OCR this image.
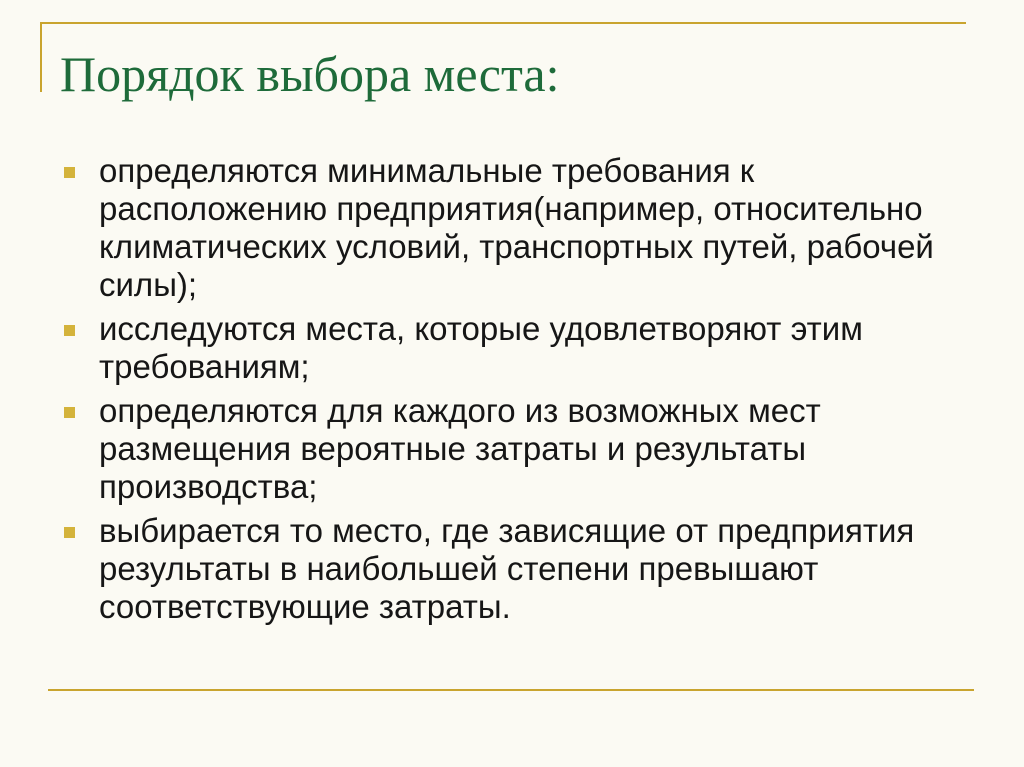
Порядок выбора места:
определяются минимальные требования к расположению предприятия(например, относительно климатических условий, транспортных путей, рабочей силы);
исследуются места, которые удовлетворяют этим требованиям;
определяются для каждого из возможных мест размещения вероятные затраты и результаты производства;
выбирается то место, где зависящие от предприятия результаты в наибольшей степени превышают соответствующие затраты.
